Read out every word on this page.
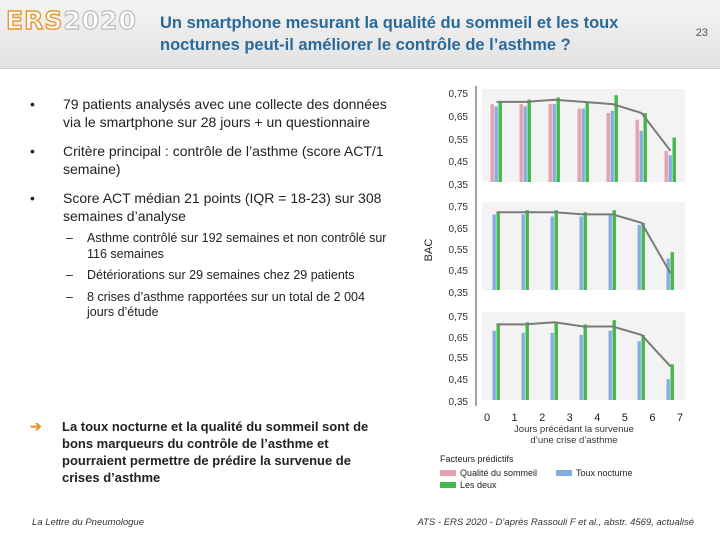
ERS2020 Un smartphone mesurant la qualité du sommeil et les toux
nocturnes peut-il améliorer le contrôle de l’asthme ?
23
• 79 patients analysés avec une collecte des données via le smartphone sur 28 jours + un questionnaire
• Critère principal : contrôle de l’asthme (score ACT/1 semaine)
• Score ACT médian 21 points (IQR = 18-23) sur 308 semaines d’analyse
– Asthme contrôlé sur 192 semaines et non contrôlé sur 116 semaines
– Détériorations sur 29 semaines chez 29 patients
– 8 crises d’asthme rapportées sur un total de 2 004 jours d’étude
➔	La toux nocturne et la qualité du sommeil sont de bons marqueurs du contrôle de l’asthme et pourraient permettre de prédire la survenue de crises d’asthme
0,75
0,65
0,55
0,45
0,35
0,75
0,65
0,55
0,45
0,35
0,75
0,65
0,55
0,45
0,35
BAC
0 1 2 3 4 5 6 7
Jours précédant la survenue d’une crise d’asthme
Facteurs prédictifs
Qualité du sommeil	Toux nocturne
Les deux
La Lettre du Pneumologue	ATS - ERS 2020 - D’après Rassouli F et al., abstr. 4569, actualisé
